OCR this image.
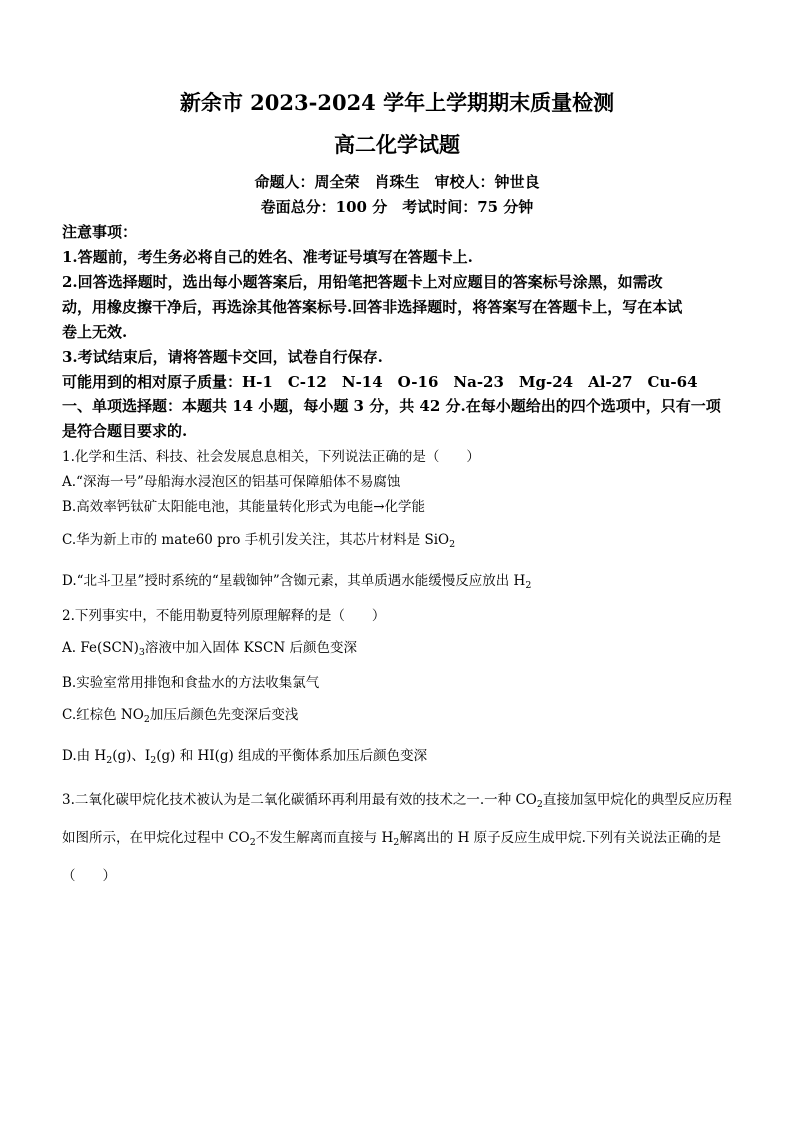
新余市 2023-2024 学年上学期期末质量检测
高二化学试题
命题人：周全荣　肖珠生　审校人：钟世良
卷面总分：100 分　考试时间：75 分钟
注意事项：
1.答题前，考生务必将自己的姓名、准考证号填写在答题卡上.
2.回答选择题时，选出每小题答案后，用铅笔把答题卡上对应题目的答案标号涂黑，如需改
动，用橡皮擦干净后，再选涂其他答案标号.回答非选择题时，将答案写在答题卡上，写在本试
卷上无效.
3.考试结束后，请将答题卡交回，试卷自行保存.
可能用到的相对原子质量：H-1　C-12　N-14　O-16　Na-23　Mg-24　Al-27　Cu-64
一、单项选择题：本题共 14 小题，每小题 3 分，共 42 分.在每小题给出的四个选项中，只有一项是符合题目要求的.
1.化学和生活、科技、社会发展息息相关，下列说法正确的是（　　）
A.“深海一号”母船海水浸泡区的铝基可保障船体不易腐蚀
B.高效率钙钛矿太阳能电池，其能量转化形式为电能→化学能
C.华为新上市的 mate60 pro 手机引发关注，其芯片材料是 SiO$_2$
D.“北斗卫星”授时系统的“星载铷钟”含铷元素，其单质遇水能缓慢反应放出 $H_2$
2.下列事实中，不能用勒夏特列原理解释的是（　　）
A. $Fe(SCN)_3$溶液中加入固体 KSCN 后颜色变深
B.实验室常用排饱和食盐水的方法收集氯气
C.红棕色 $NO_2$加压后颜色先变深后变浅
D.由 $H_2(g)$、$I_2(g)$ 和 HI(g) 组成的平衡体系加压后颜色变深
3.二氧化碳甲烷化技术被认为是二氧化碳循环再利用最有效的技术之一.一种 $CO_2$直接加氢甲烷化的典型反应历程如图所示，在甲烷化过程中 $CO_2$不发生解离而直接与 $H_2$解离出的 H 原子反应生成甲烷.下列有关说法正确的是（　　）
